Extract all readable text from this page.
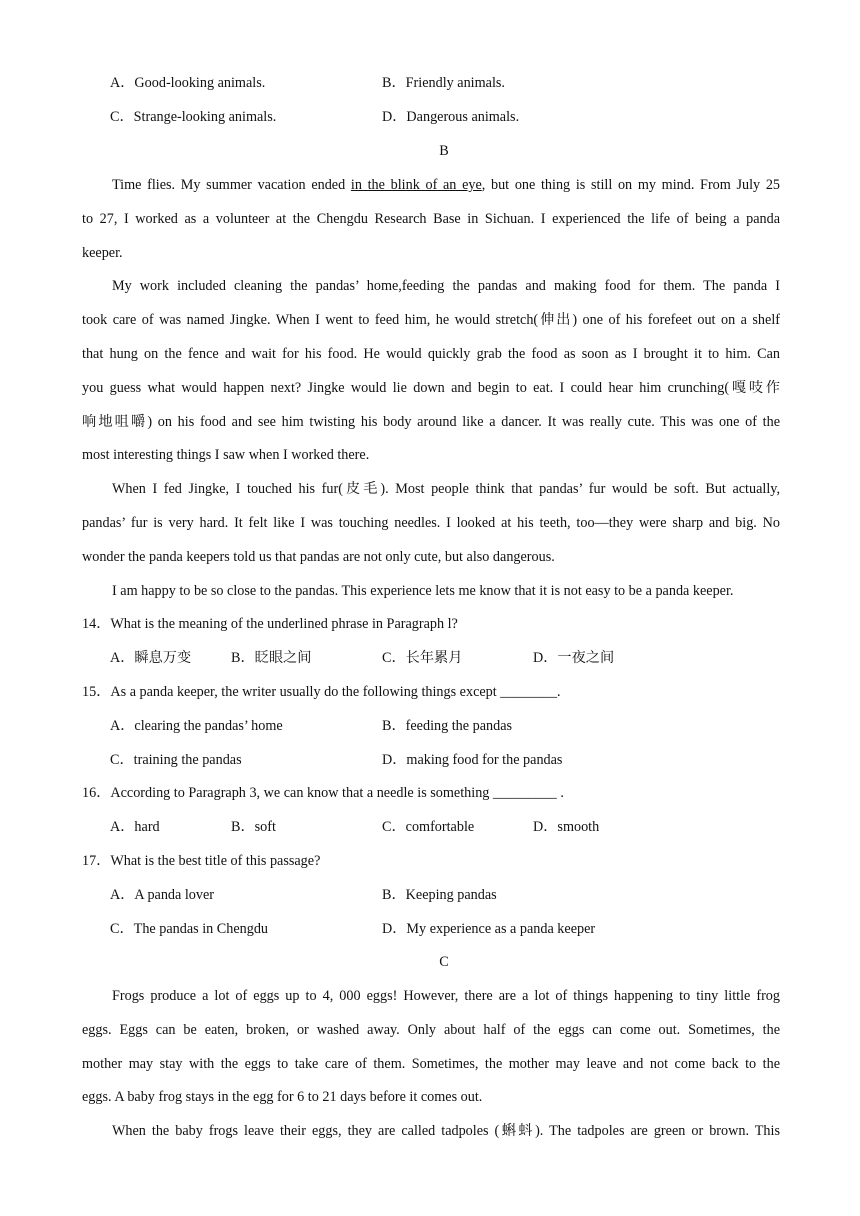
A．Good-looking animals.	B．Friendly animals.
C．Strange-looking animals.	D．Dangerous animals.
B
Time flies. My summer vacation ended in the blink of an eye, but one thing is still on my mind. From July 25
to 27, I worked as a volunteer at the Chengdu Research Base in Sichuan. I experienced the life of being a panda
keeper.
My work included cleaning the pandas’ home,feeding the pandas and making food for them. The panda I
took care of was named Jingke. When I went to feed him, he would stretch(伸出) one of his forefeet out on a shelf
that hung on the fence and wait for his food. He would quickly grab the food as soon as I brought it to him. Can
you guess what would happen next? Jingke would lie down and begin to eat. I could hear him crunching(嘎吱作
响地咀嚼) on his food and see him twisting his body around like a dancer. It was really cute. This was one of the
most interesting things I saw when I worked there.
When I fed Jingke, I touched his fur(皮毛). Most people think that pandas’ fur would be soft. But actually,
pandas’ fur is very hard. It felt like I was touching needles. I looked at his teeth, too—they were sharp and big. No
wonder the panda keepers told us that pandas are not only cute, but also dangerous.
I am happy to be so close to the pandas. This experience lets me know that it is not easy to be a panda keeper.
14．What is the meaning of the underlined phrase in Paragraph l?
A．瞬息万变	B．眨眼之间	C．长年累月	D．一夜之间
15．As a panda keeper, the writer usually do the following things except ________.
A．clearing the pandas’ home	B．feeding the pandas
C．training the pandas	D．making food for the pandas
16．According to Paragraph 3, we can know that a needle is something _________ .
A．hard	B．soft	C．comfortable	D．smooth
17．What is the best title of this passage?
A．A panda lover	B．Keeping pandas
C．The pandas in Chengdu	D．My experience as a panda keeper
C
Frogs produce a lot of eggs up to 4, 000 eggs! However, there are a lot of things happening to tiny little frog
eggs. Eggs can be eaten, broken, or washed away. Only about half of the eggs can come out. Sometimes, the
mother may stay with the eggs to take care of them. Sometimes, the mother may leave and not come back to the
eggs. A baby frog stays in the egg for 6 to 21 days before it comes out.
When the baby frogs leave their eggs, they are called tadpoles (蝌蚪). The tadpoles are green or brown. This
